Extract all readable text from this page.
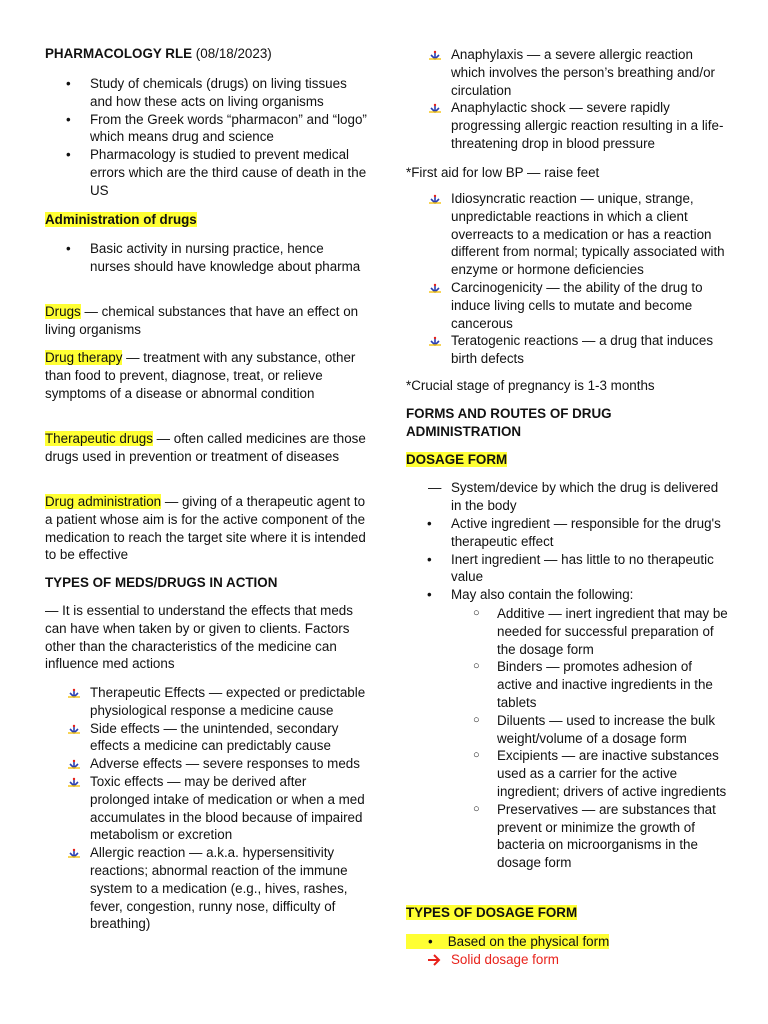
PHARMACOLOGY RLE (08/18/2023)
• Study of chemicals (drugs) on living tissues and how these acts on living organisms
• From the Greek words “pharmacon” and “logo” which means drug and science
• Pharmacology is studied to prevent medical errors which are the third cause of death in the US
Administration of drugs
• Basic activity in nursing practice, hence nurses should have knowledge about pharma
Drugs — chemical substances that have an effect on living organisms
Drug therapy — treatment with any substance, other than food to prevent, diagnose, treat, or relieve symptoms of a disease or abnormal condition
Therapeutic drugs — often called medicines are those drugs used in prevention or treatment of diseases
Drug administration — giving of a therapeutic agent to a patient whose aim is for the active component of the medication to reach the target site where it is intended to be effective
TYPES OF MEDS/DRUGS IN ACTION
— It is essential to understand the effects that meds can have when taken by or given to clients. Factors other than the characteristics of the medicine can influence med actions
Therapeutic Effects — expected or predictable physiological response a medicine cause
Side effects — the unintended, secondary effects a medicine can predictably cause
Adverse effects — severe responses to meds
Toxic effects — may be derived after prolonged intake of medication or when a med accumulates in the blood because of impaired metabolism or excretion
Allergic reaction — a.k.a. hypersensitivity reactions; abnormal reaction of the immune system to a medication (e.g., hives, rashes, fever, congestion, runny nose, difficulty of breathing)
Anaphylaxis — a severe allergic reaction which involves the person’s breathing and/or circulation
Anaphylactic shock — severe rapidly progressing allergic reaction resulting in a life-threatening drop in blood pressure
*First aid for low BP — raise feet
Idiosyncratic reaction — unique, strange, unpredictable reactions in which a client overreacts to a medication or has a reaction different from normal; typically associated with enzyme or hormone deficiencies
Carcinogenicity — the ability of the drug to induce living cells to mutate and become cancerous
Teratogenic reactions — a drug that induces birth defects
*Crucial stage of pregnancy is 1-3 months
FORMS AND ROUTES OF DRUG ADMINISTRATION
DOSAGE FORM
— System/device by which the drug is delivered in the body
• Active ingredient — responsible for the drug's therapeutic effect
• Inert ingredient — has little to no therapeutic value
• May also contain the following:
○ Additive — inert ingredient that may be needed for successful preparation of the dosage form
○ Binders — promotes adhesion of active and inactive ingredients in the tablets
○ Diluents — used to increase the bulk weight/volume of a dosage form
○ Excipients — are inactive substances used as a carrier for the active ingredient; drivers of active ingredients
○ Preservatives — are substances that prevent or minimize the growth of bacteria on microorganisms in the dosage form
TYPES OF DOSAGE FORM
• Based on the physical form
Solid dosage form
